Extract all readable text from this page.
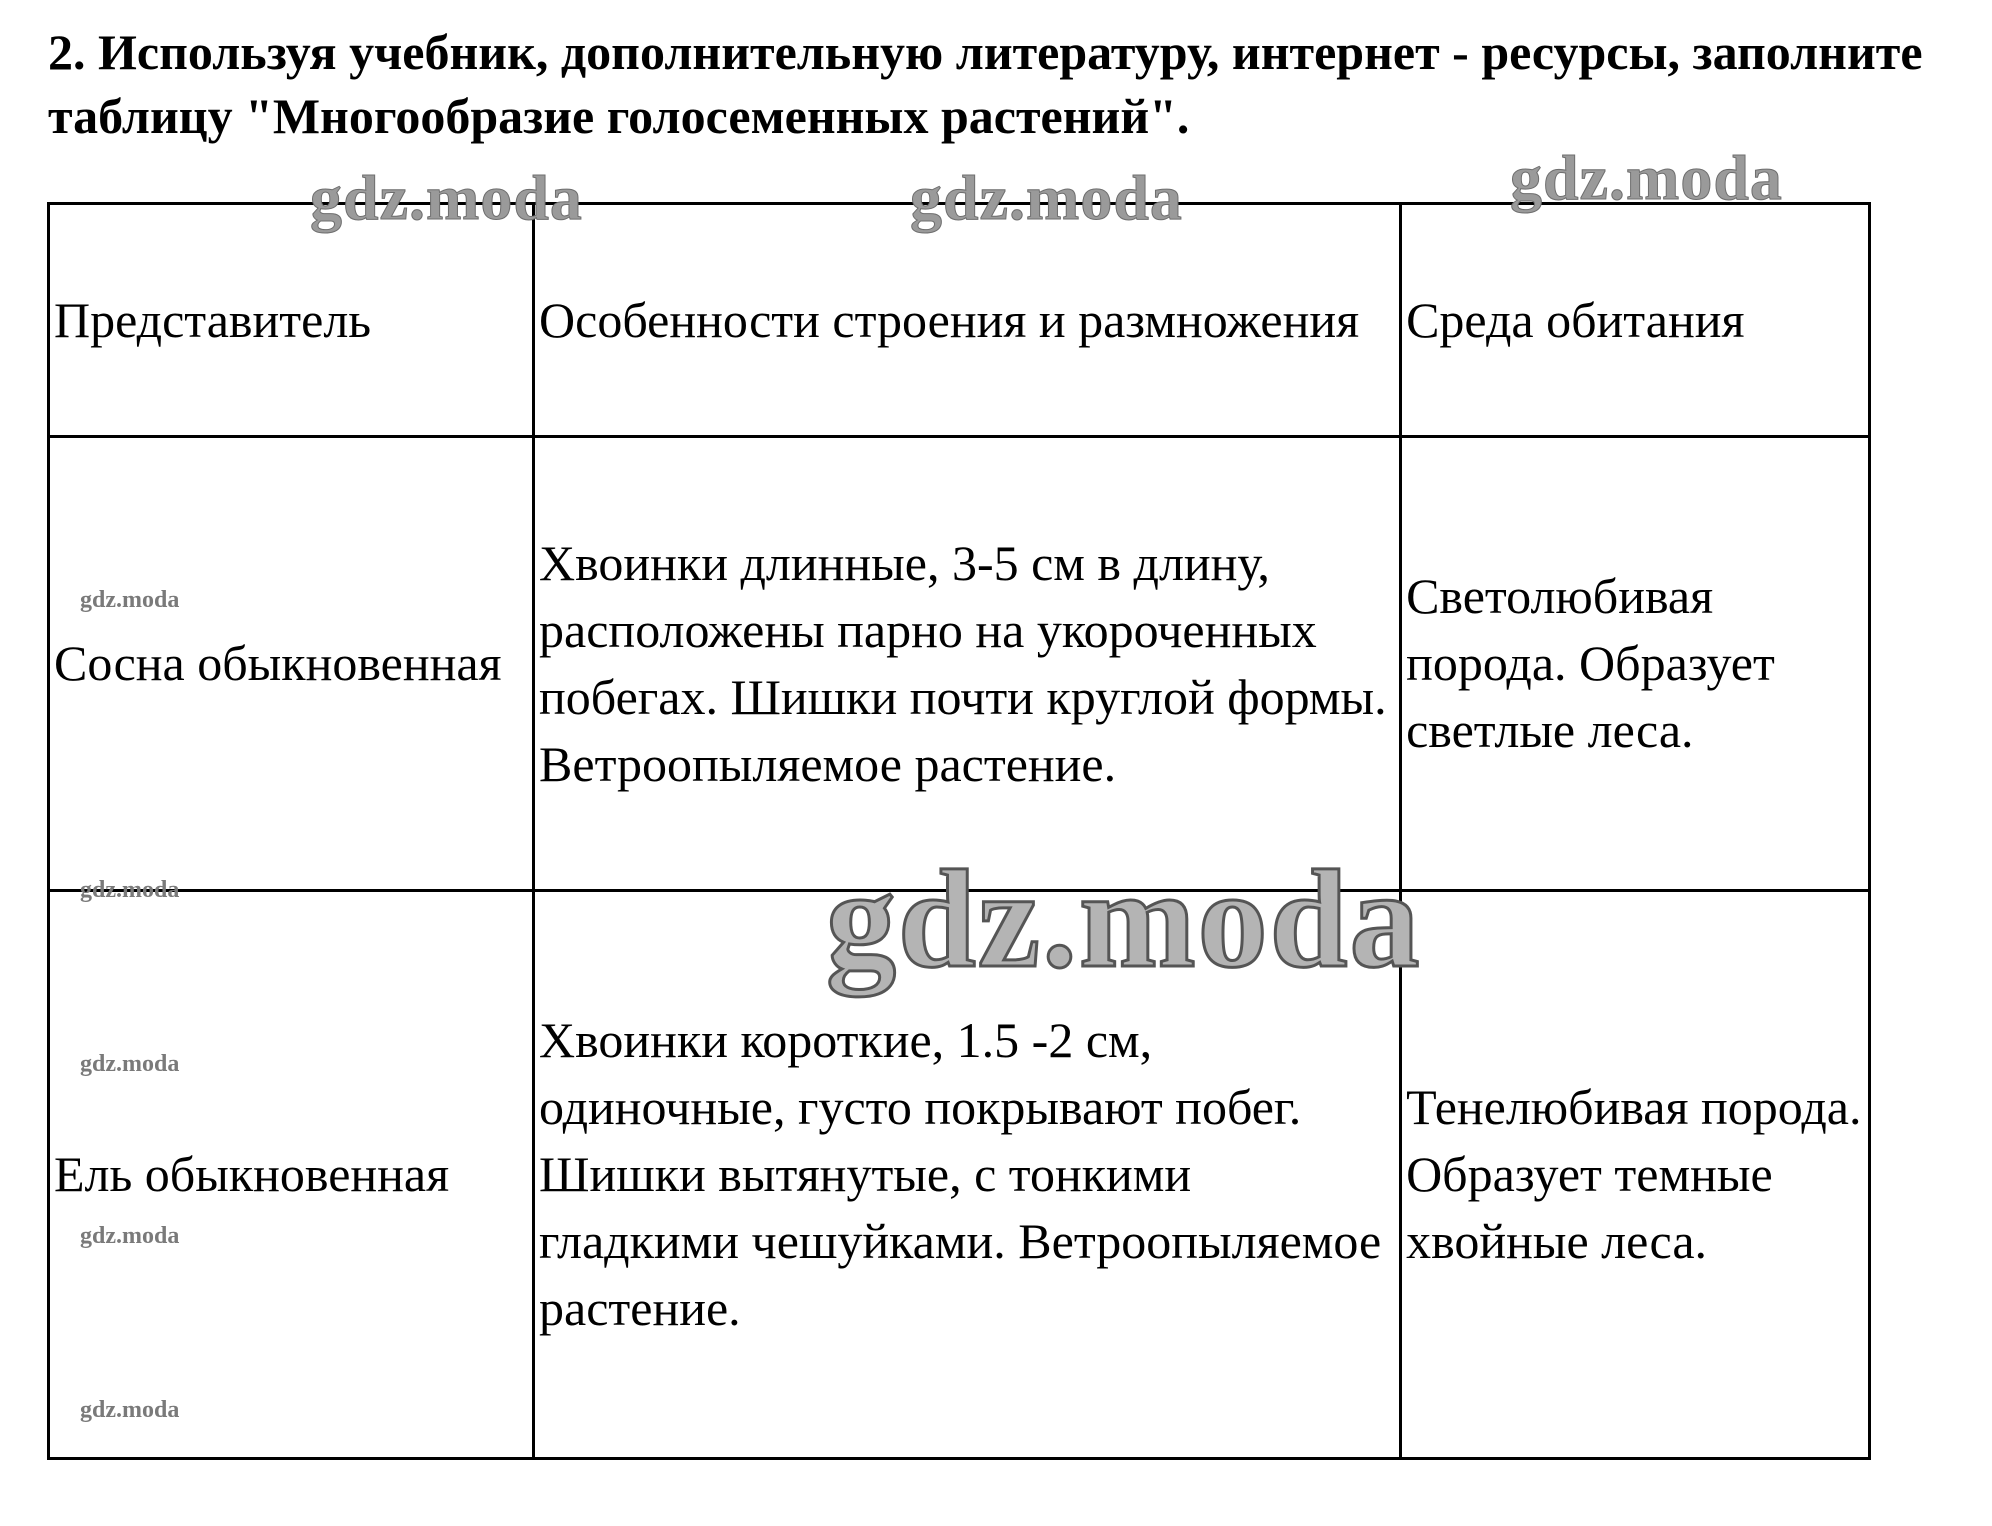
2. Используя учебник, дополнительную литературу, интернет - ресурсы, заполните таблицу "Многообразие голосеменных растений".
Представитель	Особенности строения и размножения	Среда обитания

Сосна обыкновенная	Хвоинки длинные, 3-5 см в длину, расположены парно на укороченных побегах. Шишки почти круглой формы. Ветроопыляемое растение.	Светолюбивая порода. Образует светлые леса.

Ель обыкновенная	Хвоинки короткие, 1.5 -2 см, одиночные, густо покрывают побег. Шишки вытянутые, с тонкими гладкими чешуйками. Ветроопыляемое растение.	Тенелюбивая порода. Образует темные хвойные леса.
gdz.moda	gdz.moda	gdz.moda
gdz.moda
gdz.moda
gdz.moda
gdz.moda
gdz.moda
gdz.moda
